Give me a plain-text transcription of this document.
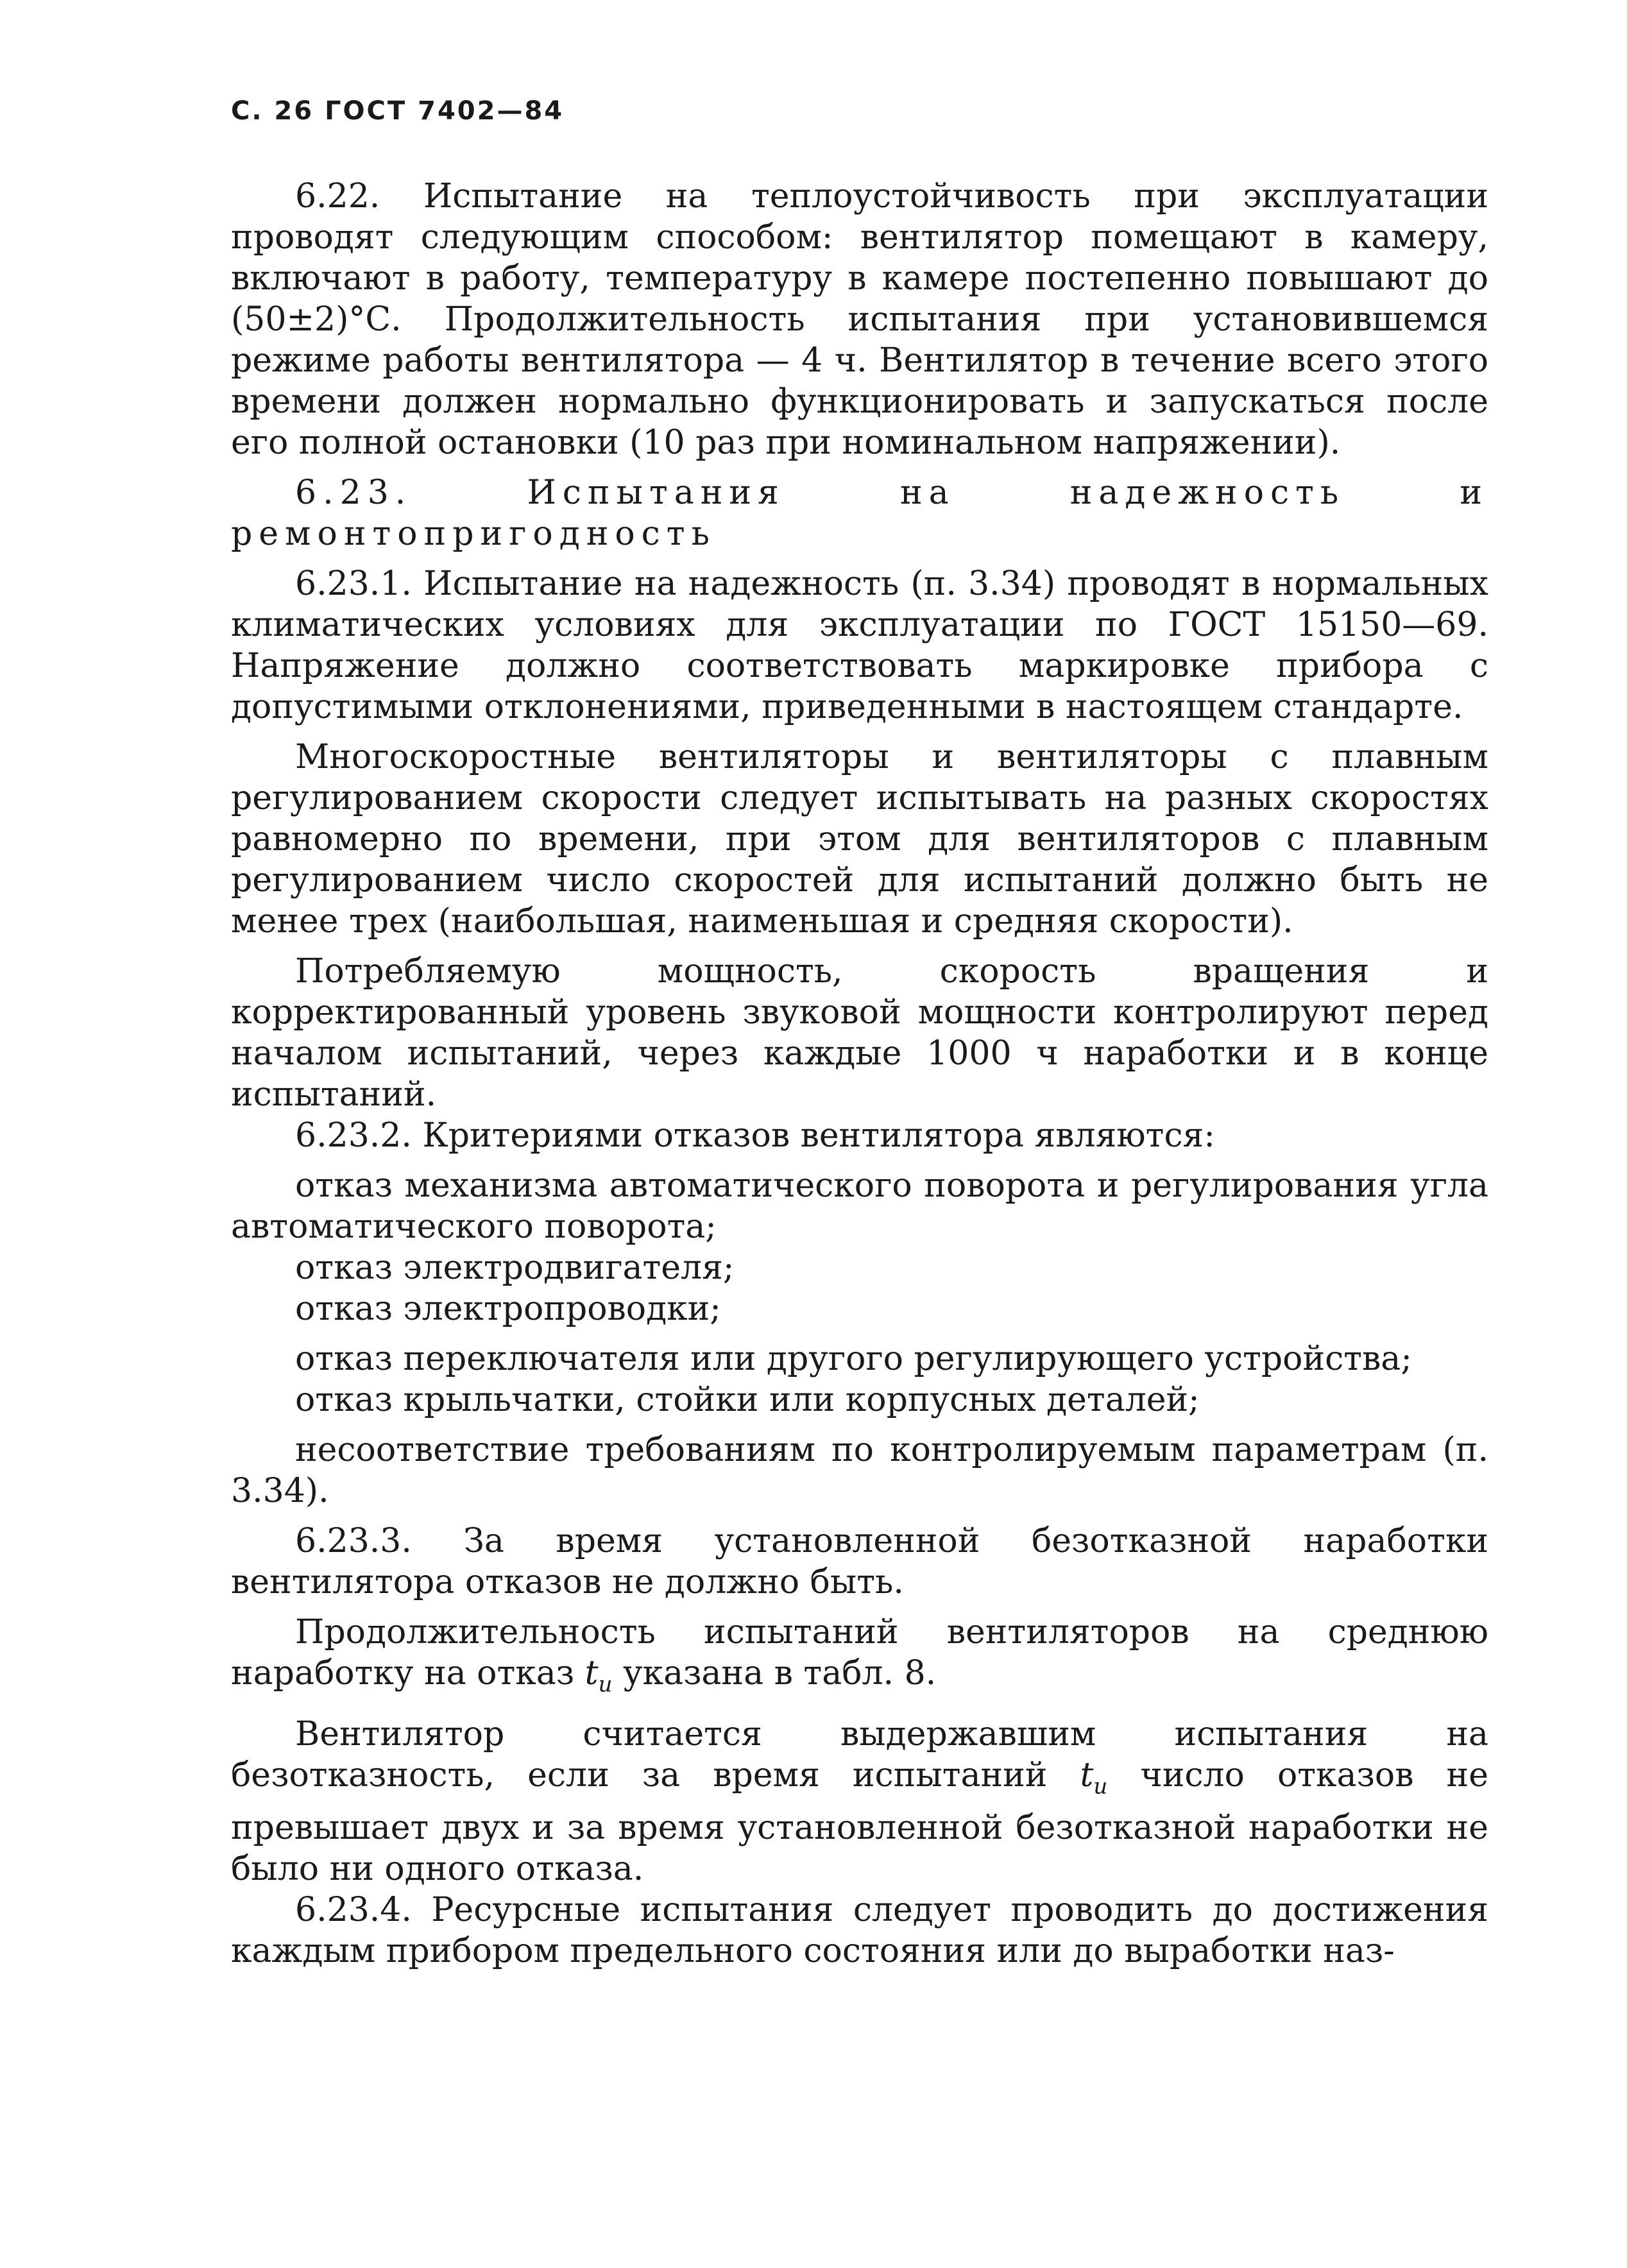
С. 26 ГОСТ 7402—84

6.22. Испытание на теплоустойчивость при эксплуатации проводят следующим способом: вентилятор помещают в камеру, включают в работу, температуру в камере постепенно повышают до (50±2)°С. Продолжительность испытания при установившемся режиме работы вентилятора — 4 ч. Вентилятор в течение всего этого времени должен нормально функционировать и запускаться после его полной остановки (10 раз при номинальном напряжении).

6.23. Испытания на надежность и ремонтопригодность

6.23.1. Испытание на надежность (п. 3.34) проводят в нормальных климатических условиях для эксплуатации по ГОСТ 15150—69. Напряжение должно соответствовать маркировке прибора с допустимыми отклонениями, приведенными в настоящем стандарте.

Многоскоростные вентиляторы и вентиляторы с плавным регулированием скорости следует испытывать на разных скоростях равномерно по времени, при этом для вентиляторов с плавным регулированием число скоростей для испытаний должно быть не менее трех (наибольшая, наименьшая и средняя скорости).

Потребляемую мощность, скорость вращения и корректированный уровень звуковой мощности контролируют перед началом испытаний, через каждые 1000 ч наработки и в конце испытаний.

6.23.2. Критериями отказов вентилятора являются:

отказ механизма автоматического поворота и регулирования угла автоматического поворота;

отказ электродвигателя;

отказ электропроводки;

отказ переключателя или другого регулирующего устройства;

отказ крыльчатки, стойки или корпусных деталей;

несоответствие требованиям по контролируемым параметрам (п. 3.34).

6.23.3. За время установленной безотказной наработки вентилятора отказов не должно быть.

Продолжительность испытаний вентиляторов на среднюю наработку на отказ $t_и$ указана в табл. 8.

Вентилятор считается выдержавшим испытания на безотказность, если за время испытаний $t_и$ число отказов не превышает двух и за время установленной безотказной наработки не было ни одного отказа.

6.23.4. Ресурсные испытания следует проводить до достижения каждым прибором предельного состояния или до выработки наз-
